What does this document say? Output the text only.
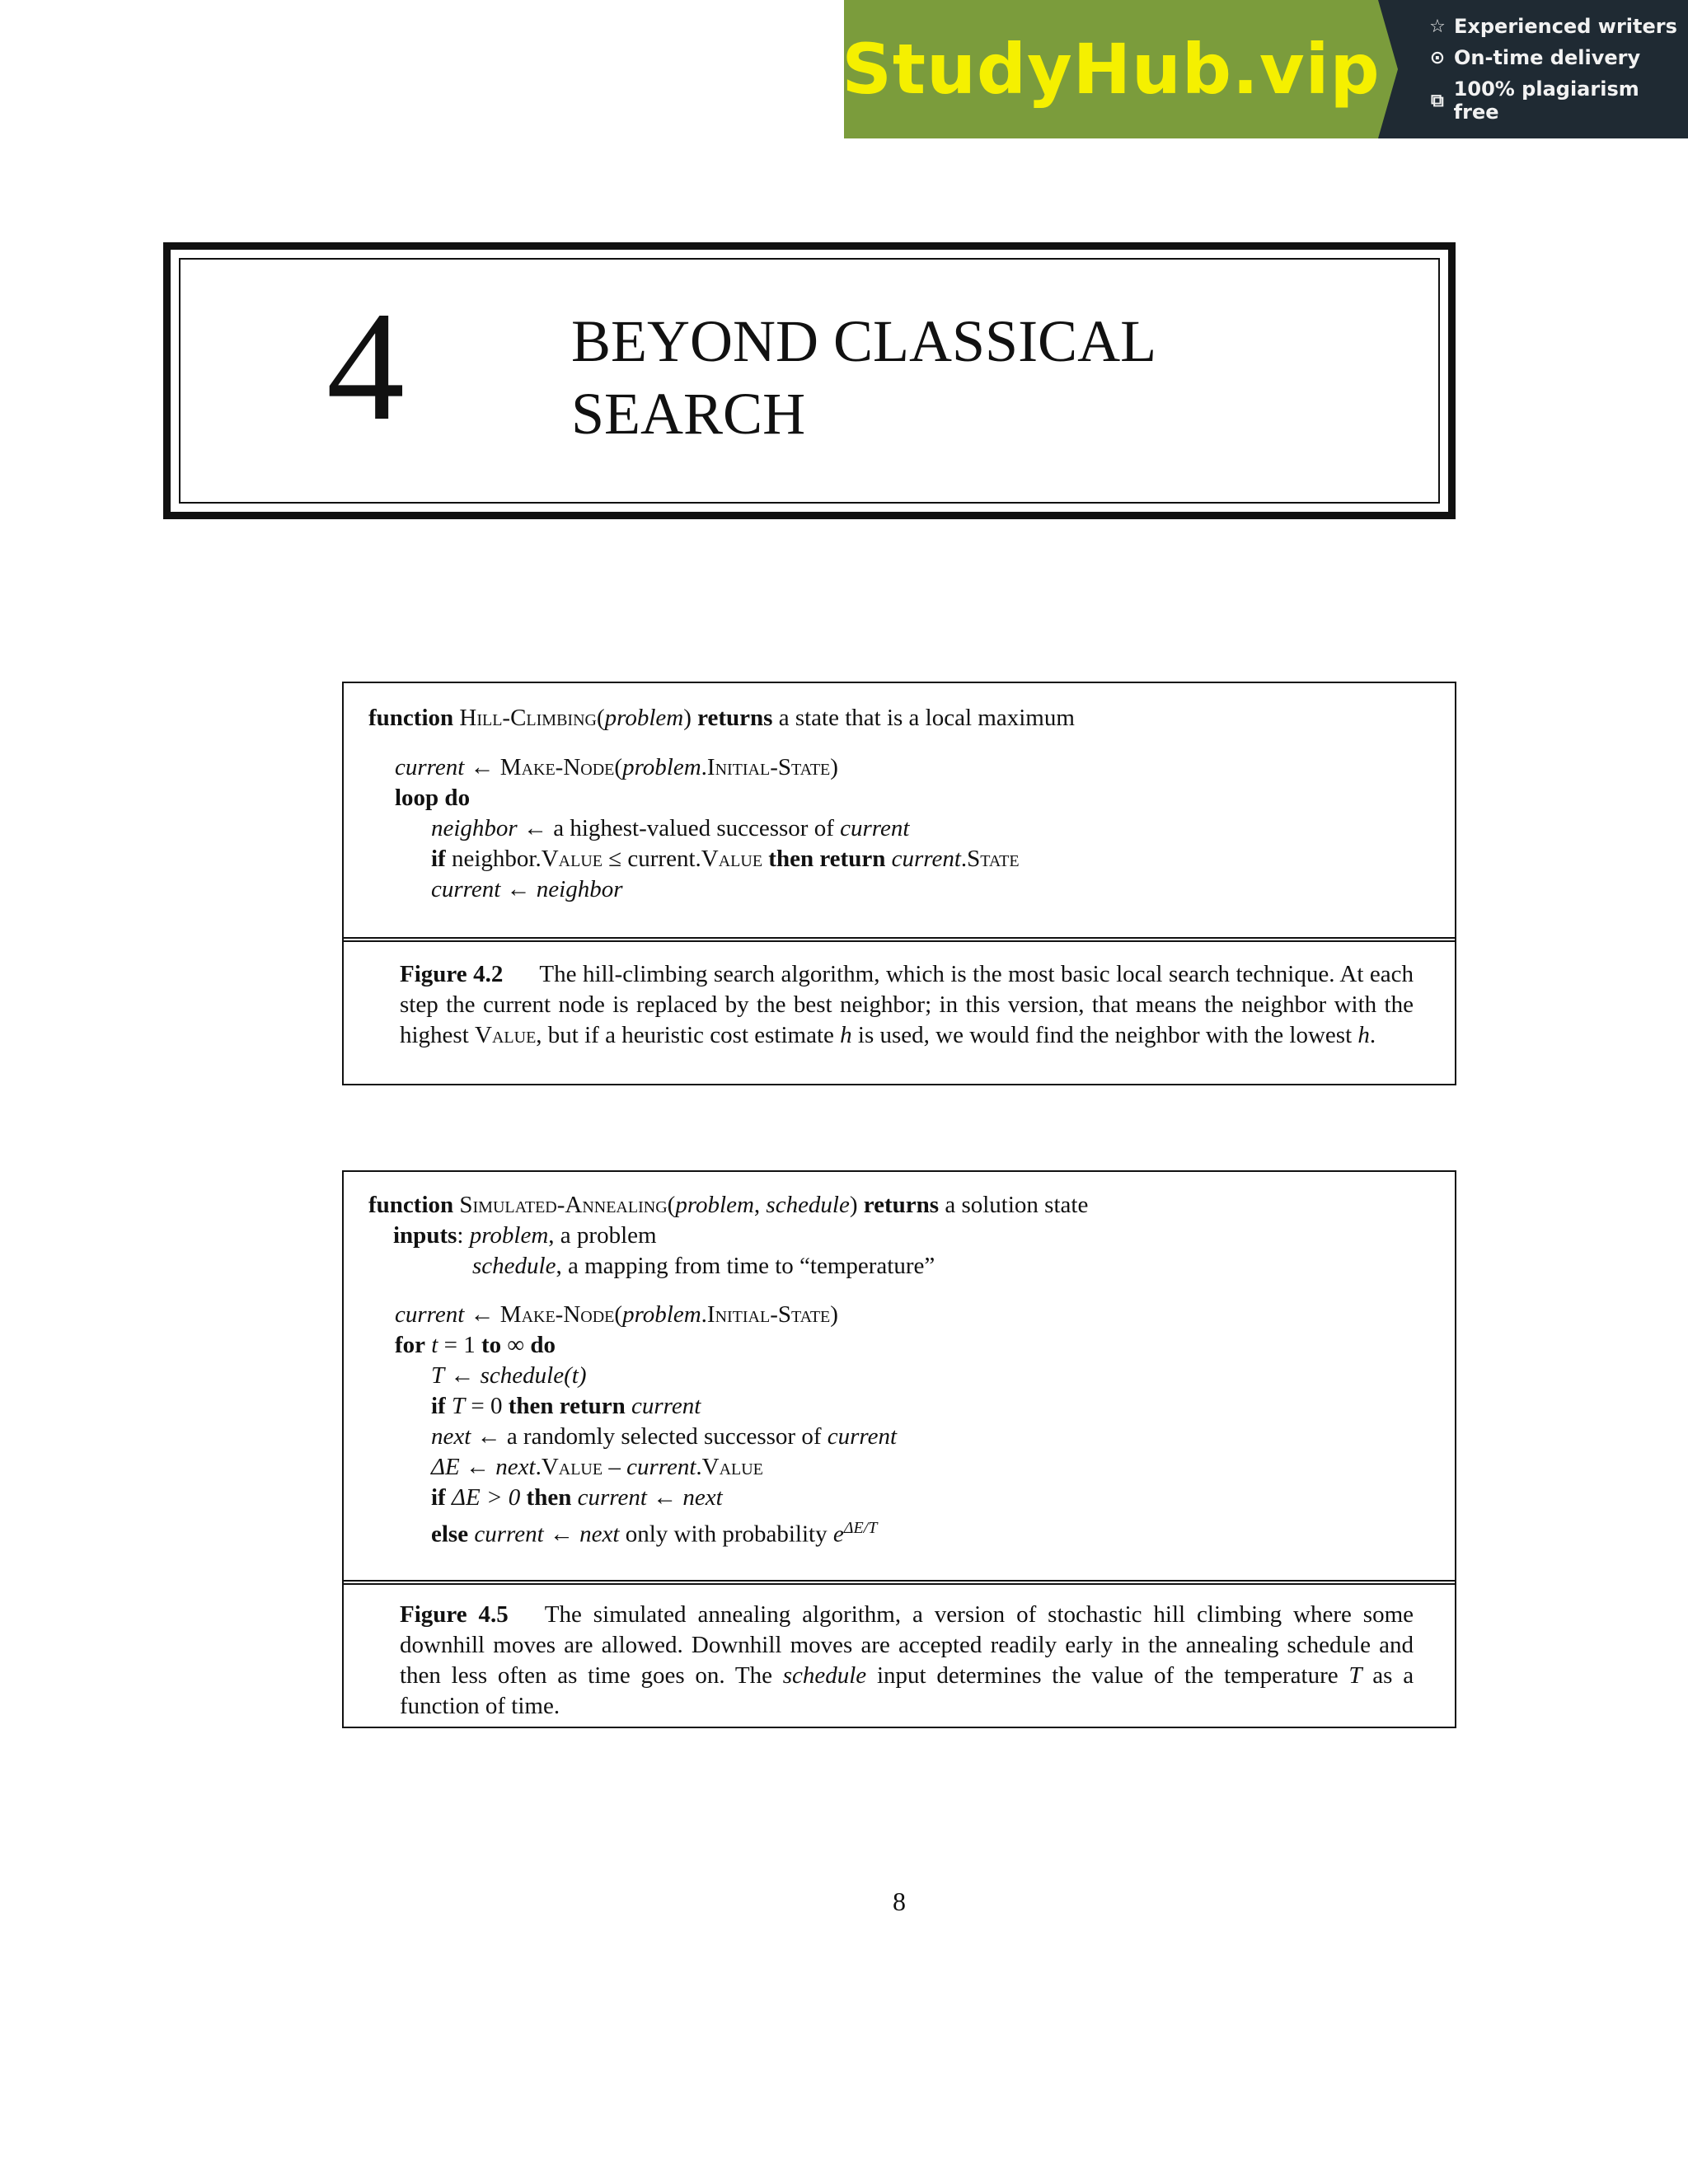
StudyHub.vip
☆ Experienced writers
⊙ On-time delivery
⧉ 100% plagiarism free
4	BEYOND CLASSICAL
SEARCH
function Hill-Climbing(problem) returns a state that is a local maximum
current ← Make-Node(problem.Initial-State)
loop do
neighbor ← a highest-valued successor of current
if neighbor.Value ≤ current.Value then return current.State
current ← neighbor
Figure 4.2 The hill-climbing search algorithm, which is the most basic local search technique. At each step the current node is replaced by the best neighbor; in this version, that means the neighbor with the highest Value, but if a heuristic cost estimate h is used, we would find the neighbor with the lowest h.
function Simulated-Annealing(problem, schedule) returns a solution state
inputs: problem, a problem
schedule, a mapping from time to “temperature”
current ← Make-Node(problem.Initial-State)
for t = 1 to ∞ do
T ← schedule(t)
if T = 0 then return current
next ← a randomly selected successor of current
ΔE ← next.Value – current.Value
if ΔE > 0 then current ← next
else current ← next only with probability $e^{\Delta E/T}$
Figure 4.5 The simulated annealing algorithm, a version of stochastic hill climbing where some downhill moves are allowed. Downhill moves are accepted readily early in the annealing schedule and then less often as time goes on. The schedule input determines the value of the temperature T as a function of time.
8
